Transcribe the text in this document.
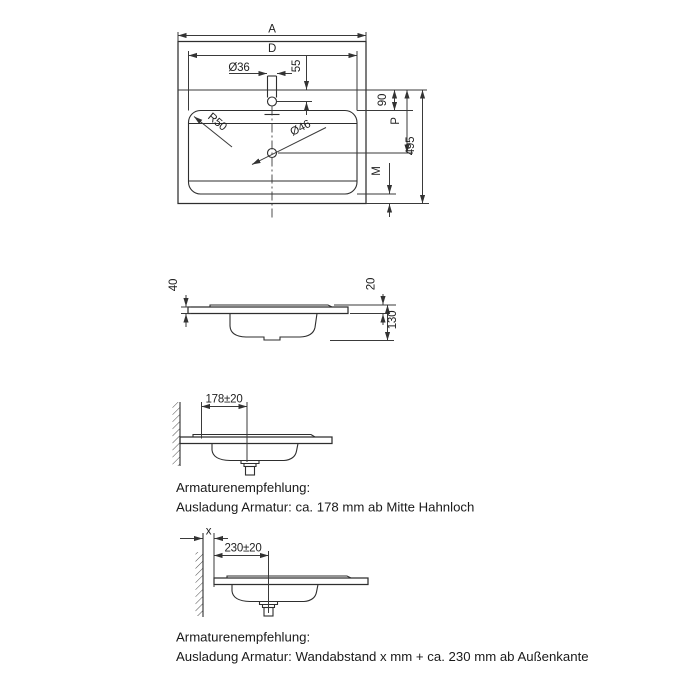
A
D
Ø36	55
90
P
495
M
R50	Ø46
40	20
130
178±20
Armaturenempfehlung:
Ausladung Armatur: ca. 178 mm ab Mitte Hahnloch
x
230±20
Armaturenempfehlung:
Ausladung Armatur: Wandabstand x mm + ca. 230 mm ab Außenkante
